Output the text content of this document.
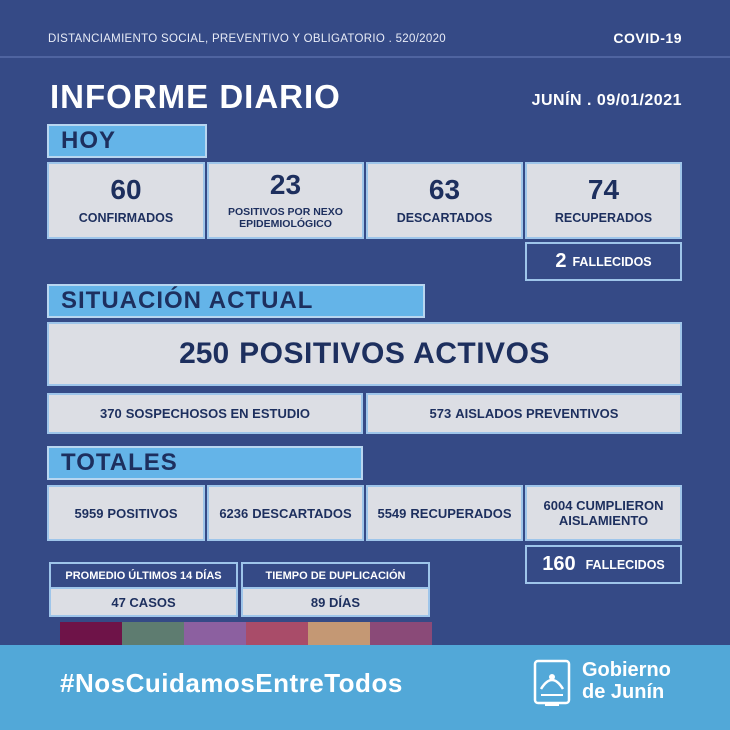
DISTANCIAMIENTO SOCIAL, PREVENTIVO Y OBLIGATORIO . 520/2020	COVID-19
INFORME DIARIO	JUNÍN . 09/01/2021
HOY
60
CONFIRMADOS
23
POSITIVOS POR NEXO
EPIDEMIOLÓGICO
63
DESCARTADOS
74
RECUPERADOS
2 FALLECIDOS
SITUACIÓN ACTUAL
250 POSITIVOS ACTIVOS
370 SOSPECHOSOS EN ESTUDIO	573 AISLADOS PREVENTIVOS
TOTALES
5959 POSITIVOS	6236 DESCARTADOS 5549 RECUPERADOS 6004 CUMPLIERON
AISLAMIENTO
160 FALLECIDOS
PROMEDIO ÚLTIMOS 14 DÍAS
47 CASOS
TIEMPO DE DUPLICACIÓN
89 DÍAS
#NosCuidamosEntreTodos	Gobierno
de Junín
